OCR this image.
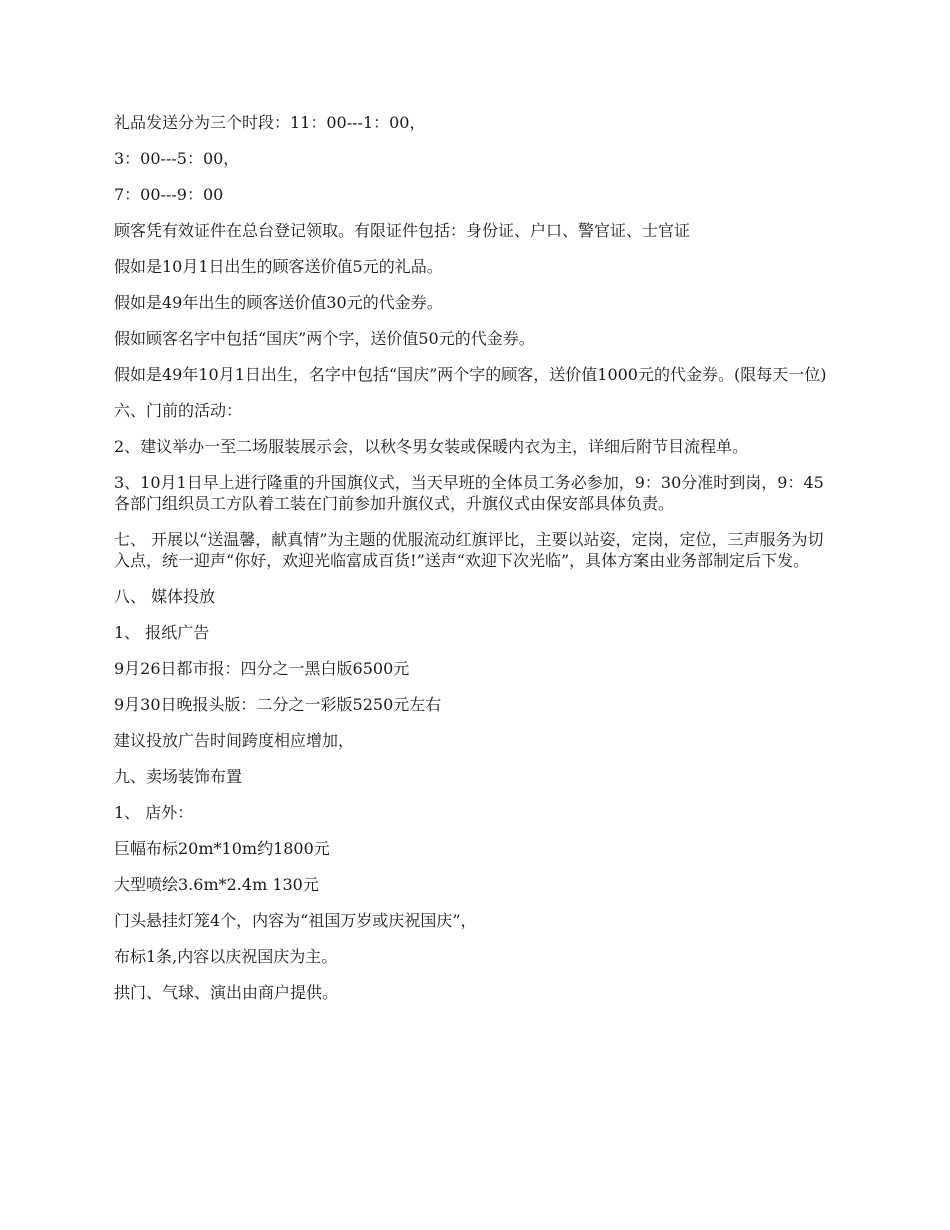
礼品发送分为三个时段：11：00---1：00，

3：00---5：00，

7：00---9：00

顾客凭有效证件在总台登记领取。有限证件包括：身份证、户口、警官证、士官证

假如是10月1日出生的顾客送价值5元的礼品。

假如是49年出生的顾客送价值30元的代金券。

假如顾客名字中包括“国庆”两个字，送价值50元的代金券。

假如是49年10月1日出生，名字中包括“国庆”两个字的顾客，送价值1000元的代金券。(限每天一位)

六、门前的活动：

2、建议举办一至二场服装展示会，以秋冬男女装或保暖内衣为主，详细后附节目流程单。

3、10月1日早上进行隆重的升国旗仪式，当天早班的全体员工务必参加，9：30分准时到岗，9：45各部门组织员工方队着工装在门前参加升旗仪式，升旗仪式由保安部具体负责。

七、 开展以“送温馨，献真情”为主题的优服流动红旗评比，主要以站姿，定岗，定位，三声服务为切入点，统一迎声“你好，欢迎光临富成百货!”送声“欢迎下次光临”，具体方案由业务部制定后下发。

八、 媒体投放

1、 报纸广告

9月26日都市报：四分之一黑白版6500元

9月30日晚报头版：二分之一彩版5250元左右

建议投放广告时间跨度相应增加，

九、卖场装饰布置

1、 店外：

巨幅布标20m*10m约1800元

大型喷绘3.6m*2.4m 130元

门头悬挂灯笼4个，内容为“祖国万岁或庆祝国庆”，

布标1条,内容以庆祝国庆为主。

拱门、气球、演出由商户提供。
